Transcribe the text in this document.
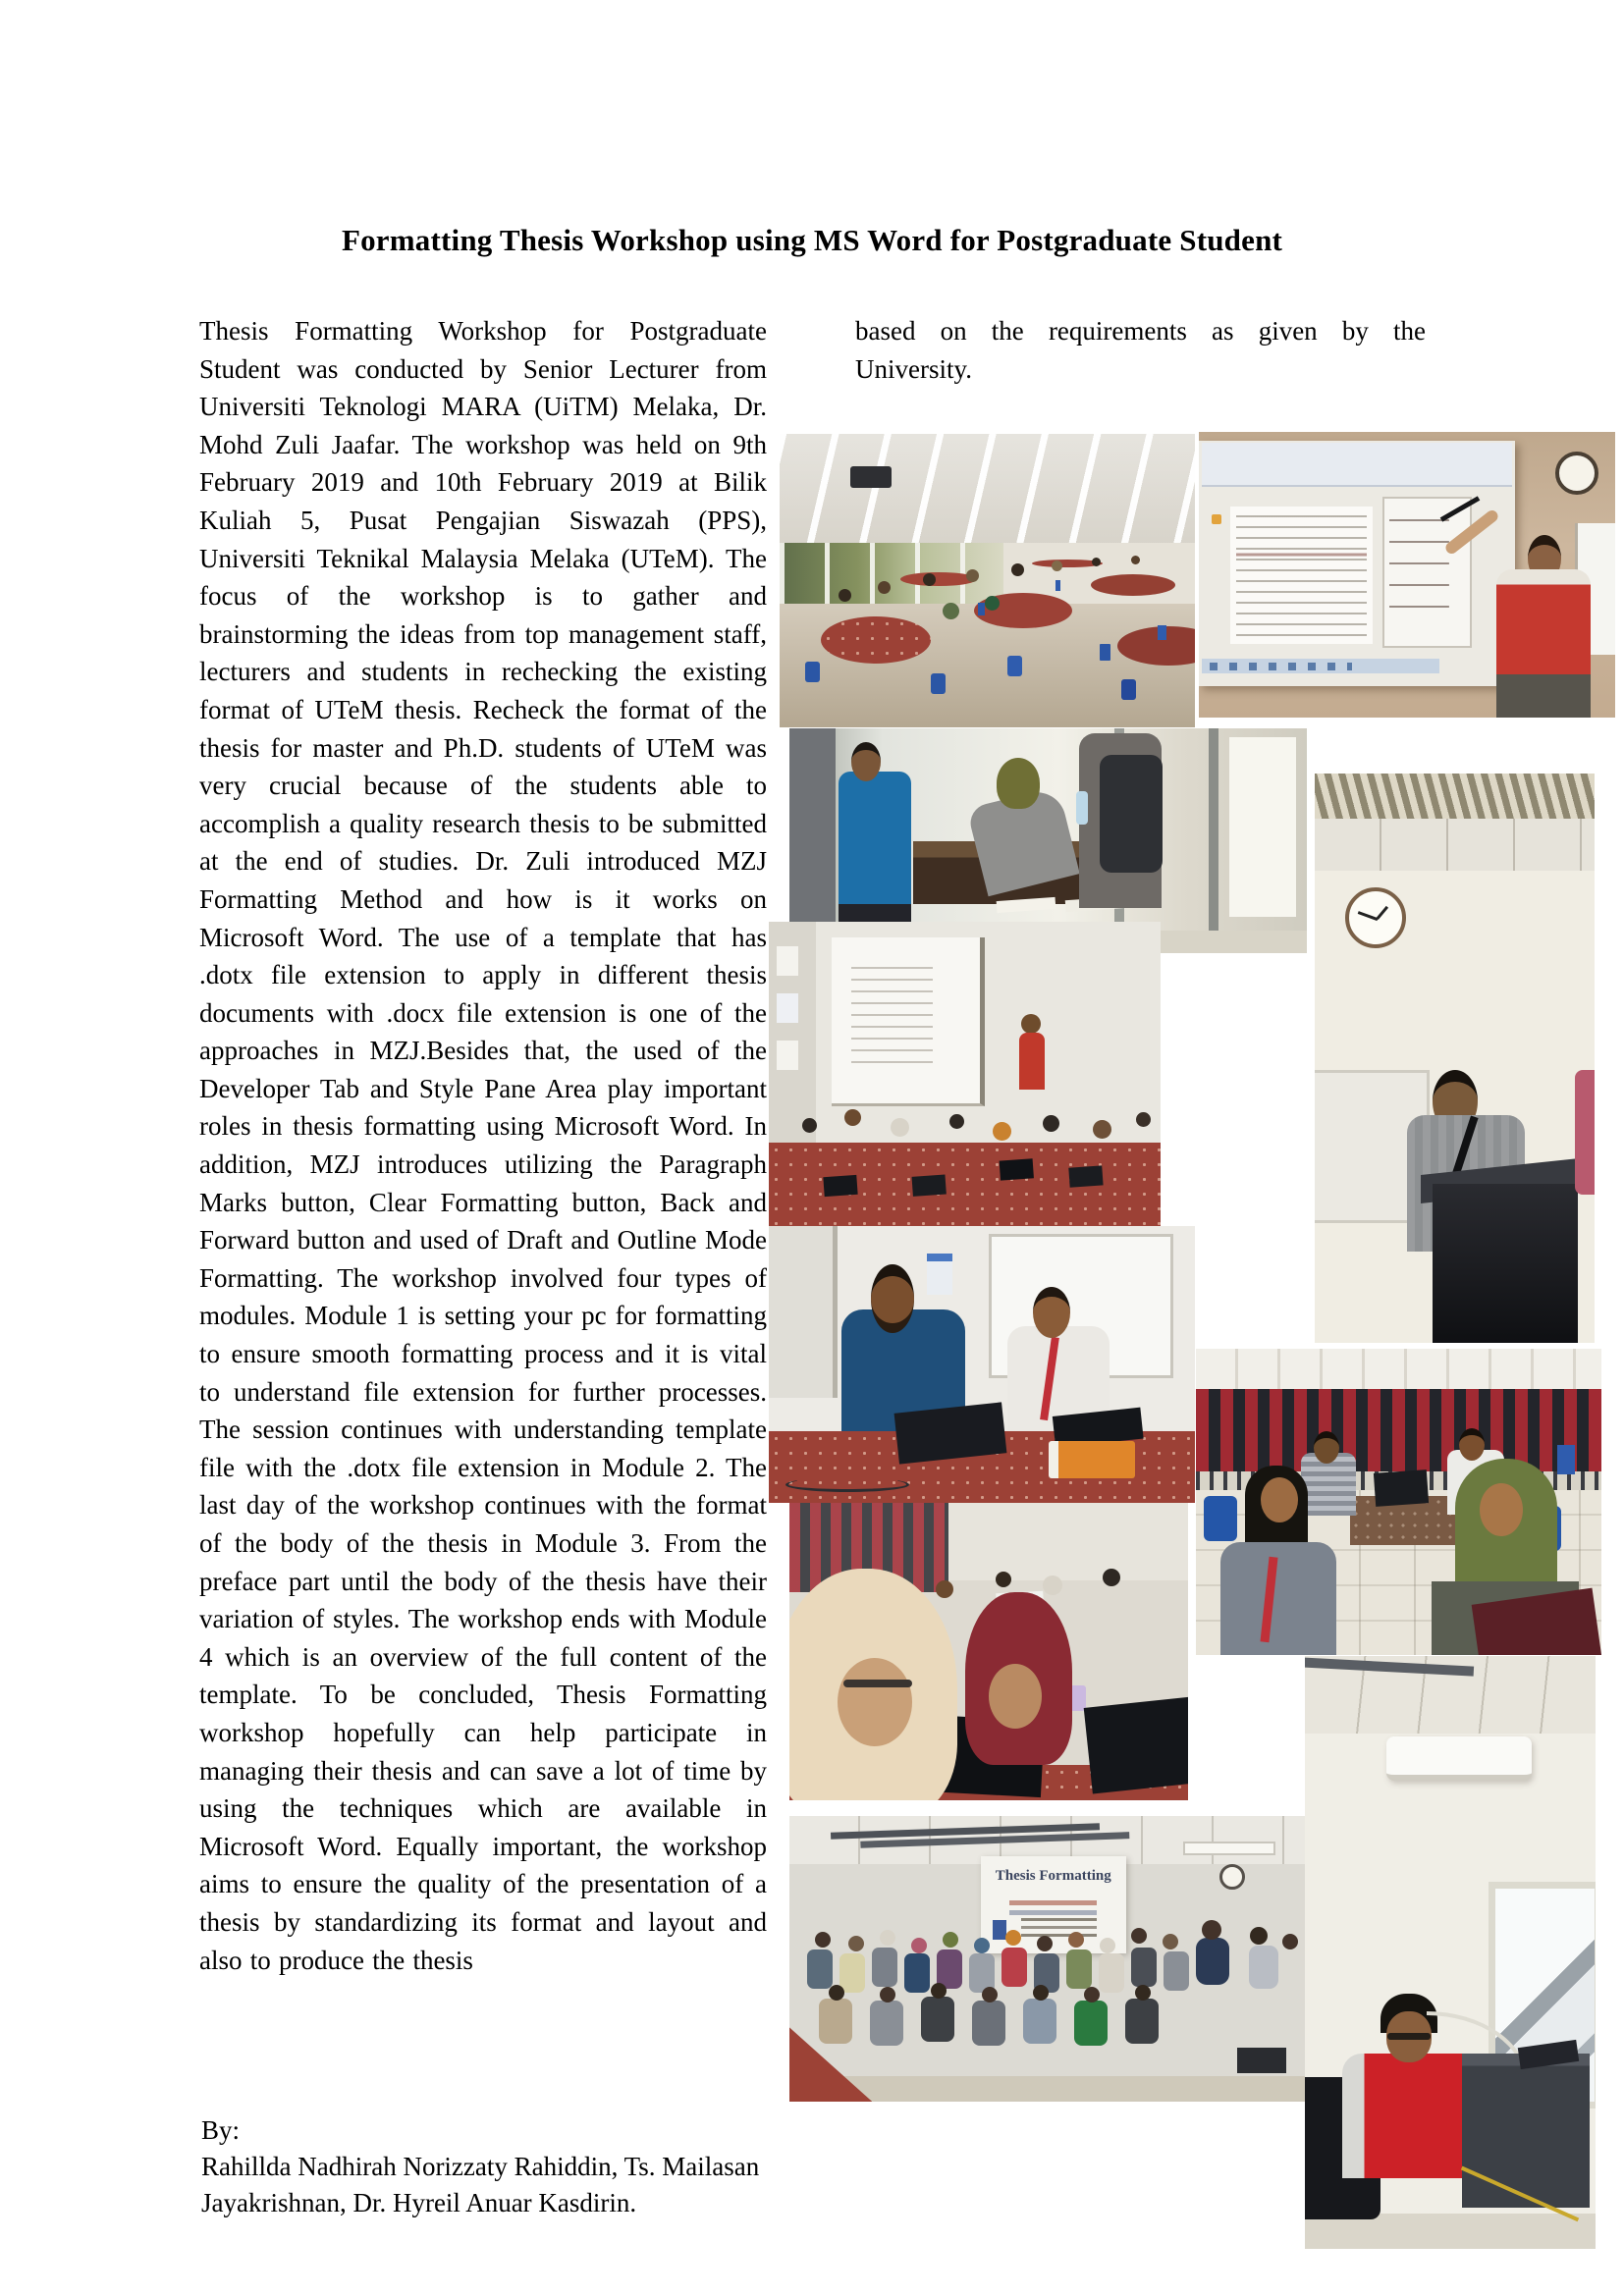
Formatting Thesis Workshop using MS Word for Postgraduate Student
Thesis Formatting Workshop for Postgraduate Student was conducted by Senior Lecturer from Universiti Teknologi MARA (UiTM) Melaka, Dr. Mohd Zuli Jaafar. The workshop was held on 9th February 2019 and 10th February 2019 at Bilik Kuliah 5, Pusat Pengajian Siswazah (PPS), Universiti Teknikal Malaysia Melaka (UTeM). The focus of the workshop is to gather and brainstorming the ideas from top management staff, lecturers and students in rechecking the existing format of UTeM thesis. Recheck the format of the thesis for master and Ph.D. students of UTeM was very crucial because of the students able to accomplish a quality research thesis to be submitted at the end of studies. Dr. Zuli introduced MZJ Formatting Method and how is it works on Microsoft Word. The use of a template that has .dotx file extension to apply in different thesis documents with .docx file extension is one of the approaches in MZJ.Besides that, the used of the Developer Tab and Style Pane Area play important roles in thesis formatting using Microsoft Word. In addition, MZJ introduces utilizing the Paragraph Marks button, Clear Formatting button, Back and Forward button and used of Draft and Outline Mode Formatting. The workshop involved four types of modules. Module 1 is setting your pc for formatting to ensure smooth formatting process and it is vital to understand file extension for further processes. The session continues with understanding template file with the .dotx file extension in Module 2. The last day of the workshop continues with the format of the body of the thesis in Module 3. From the preface part until the body of the thesis have their variation of styles. The workshop ends with Module 4 which is an overview of the full content of the template. To be concluded, Thesis Formatting workshop hopefully can help participate in managing their thesis and can save a lot of time by using the techniques which are available in Microsoft Word. Equally important, the workshop aims to ensure the quality of the presentation of a thesis by standardizing its format and layout and also to produce the thesis
based on the requirements as given by the University.
Thesis Formatting
By:
Rahillda Nadhirah Norizzaty Rahiddin, Ts. Mailasan Jayakrishnan, Dr. Hyreil Anuar Kasdirin.
